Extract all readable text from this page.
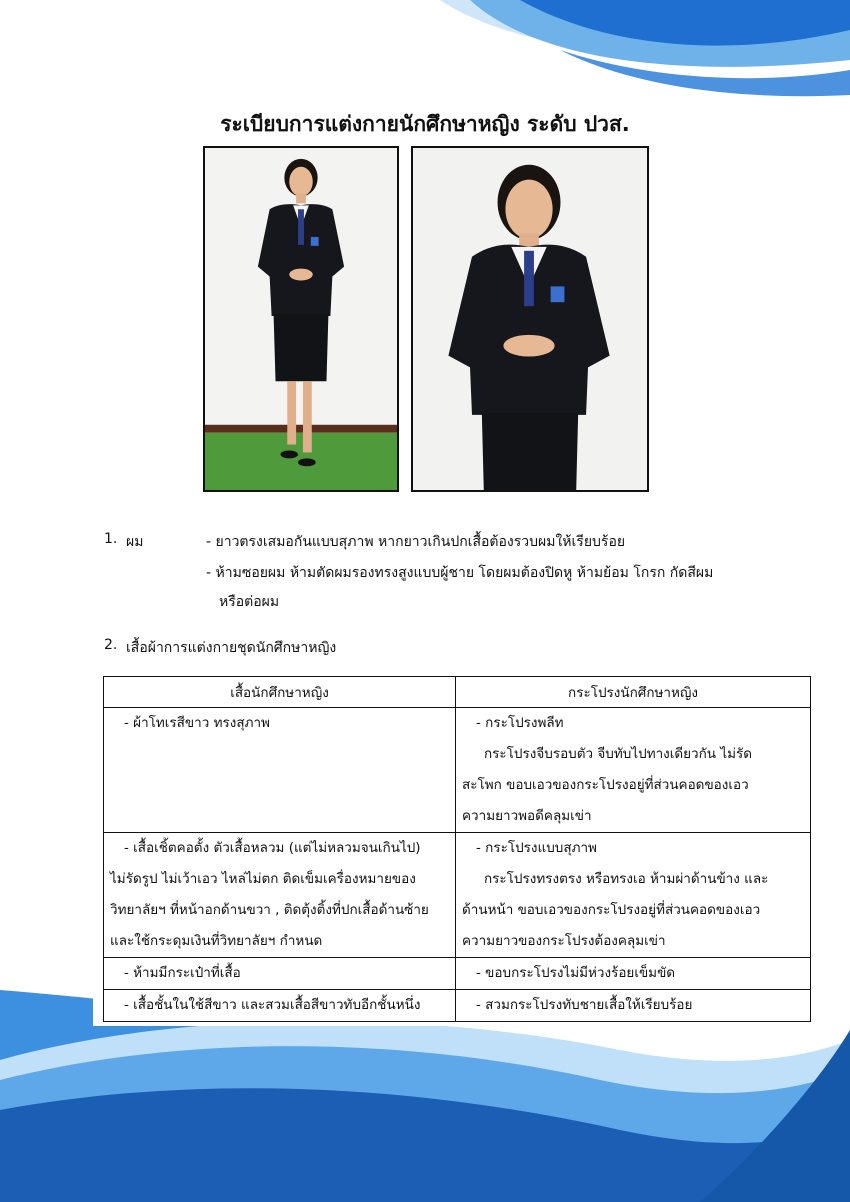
ระเบียบการแต่งกายนักศึกษาหญิง ระดับ ปวส.
1. ผม	- ยาวตรงเสมอกันแบบสุภาพ หากยาวเกินปกเสื้อต้องรวบผมให้เรียบร้อย
- ห้ามซอยผม ห้ามตัดผมรองทรงสูงแบบผู้ชาย โดยผมต้องปิดหู ห้ามย้อม โกรก กัดสีผม
หรือต่อผม
2. เสื้อผ้าการแต่งกายชุดนักศึกษาหญิง
เสื้อนักศึกษาหญิง	กระโปรงนักศึกษาหญิง

- ผ้าโทเรสีขาว ทรงสุภาพ	- กระโปรงพลีท
กระโปรงจีบรอบตัว จีบทับไปทางเดียวกัน ไม่รัด
สะโพก ขอบเอวของกระโปรงอยู่ที่ส่วนคอดของเอว
ความยาวพอดีคลุมเข่า

- เสื้อเชิ้ตคอตั้ง ตัวเสื้อหลวม (แต่ไม่หลวมจนเกินไป)
ไม่รัดรูป ไม่เว้าเอว ไหล่ไม่ตก ติดเข็มเครื่องหมายของ
วิทยาลัยฯ ที่หน้าอกด้านขวา , ติดตุ้งติ้งที่ปกเสื้อด้านซ้าย
และใช้กระดุมเงินที่วิทยาลัยฯ กำหนด	- กระโปรงแบบสุภาพ
กระโปรงทรงตรง หรือทรงเอ ห้ามผ่าด้านข้าง และ
ด้านหน้า ขอบเอวของกระโปรงอยู่ที่ส่วนคอดของเอว
ความยาวของกระโปรงต้องคลุมเข่า

- ห้ามมีกระเป๋าที่เสื้อ	- ขอบกระโปรงไม่มีห่วงร้อยเข็มขัด

- เสื้อชั้นในใช้สีขาว และสวมเสื้อสีขาวทับอีกชั้นหนึ่ง	- สวมกระโปรงทับชายเสื้อให้เรียบร้อย
